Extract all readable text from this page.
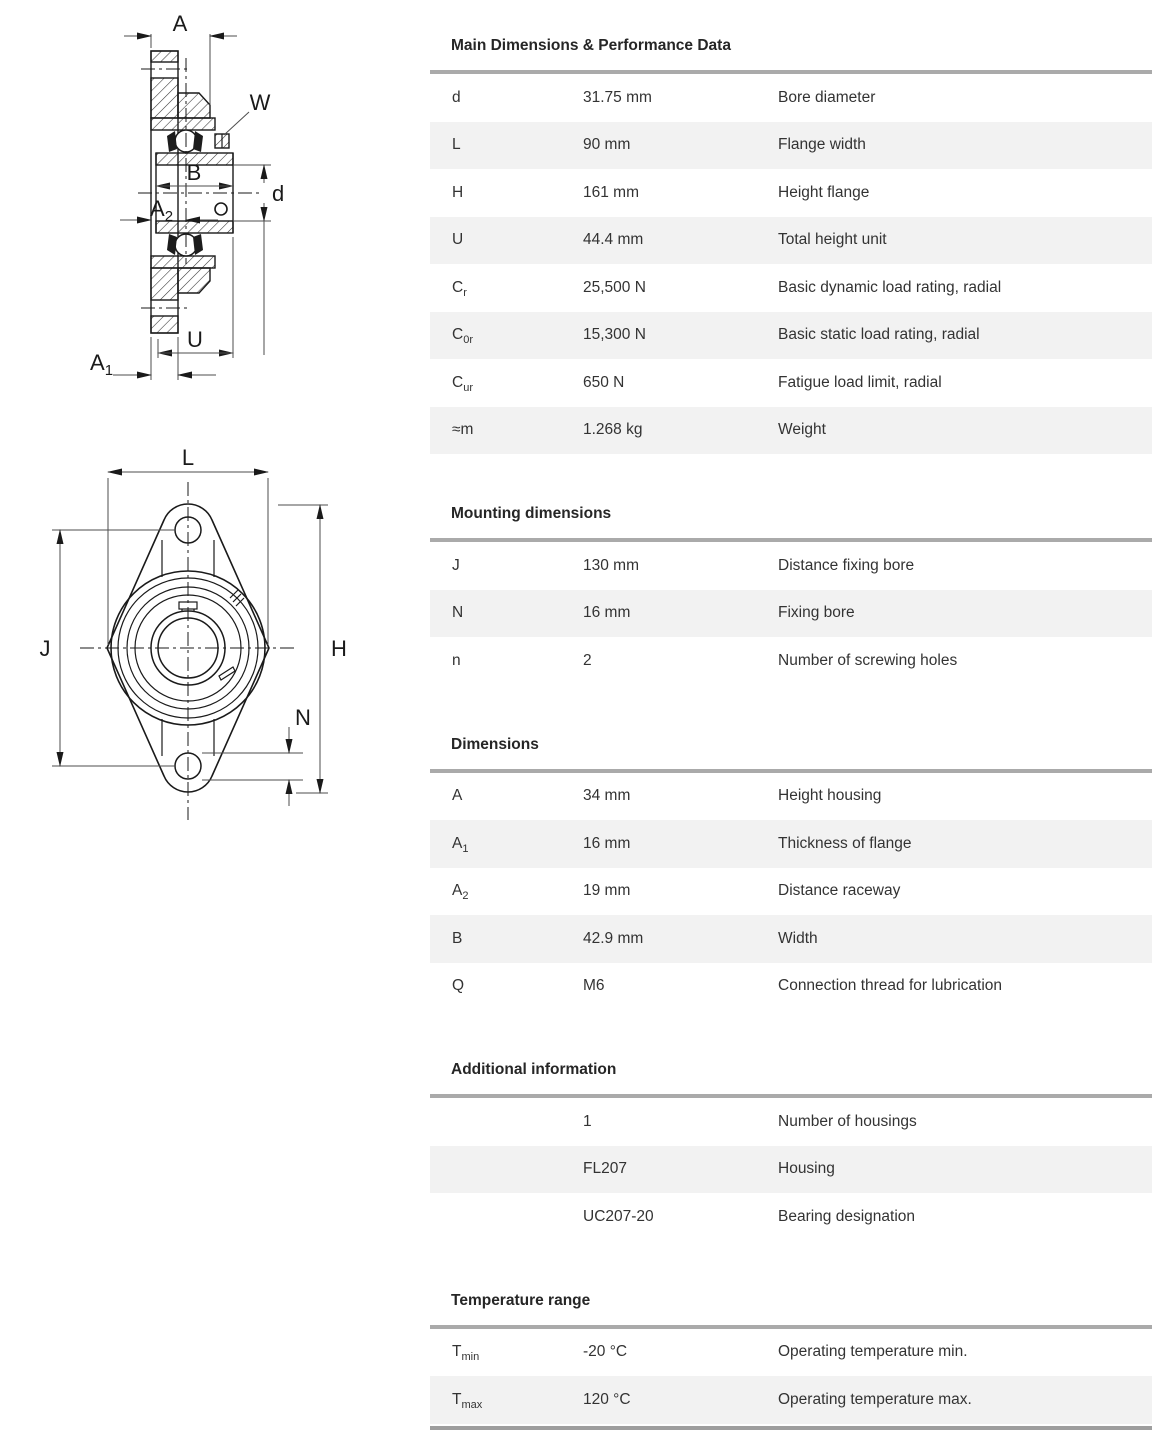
A
W
B
d
$A_2$
U
$A_1$
L
J	H
N
Main Dimensions & Performance Data
d	31.75 mm	Bore diameter
L	90 mm	Flange width
H	161 mm	Height flange
U	44.4 mm	Total height unit
$C_r$	25,500 N	Basic dynamic load rating, radial
$C_{0r}$	15,300 N	Basic static load rating, radial
$C_{ur}$	650 N	Fatigue load limit, radial
≈m	1.268 kg	Weight
Mounting dimensions
J	130 mm	Distance fixing bore
N	16 mm	Fixing bore
n	2	Number of screwing holes
Dimensions
A	34 mm	Height housing
$A_1$	16 mm	Thickness of flange
$A_2$	19 mm	Distance raceway
B	42.9 mm	Width
Q	M6	Connection thread for lubrication
Additional information
1	Number of housings
FL207	Housing
UC207-20	Bearing designation
Temperature range
$T_{min}$	-20 °C	Operating temperature min.
$T_{max}$	120 °C	Operating temperature max.
